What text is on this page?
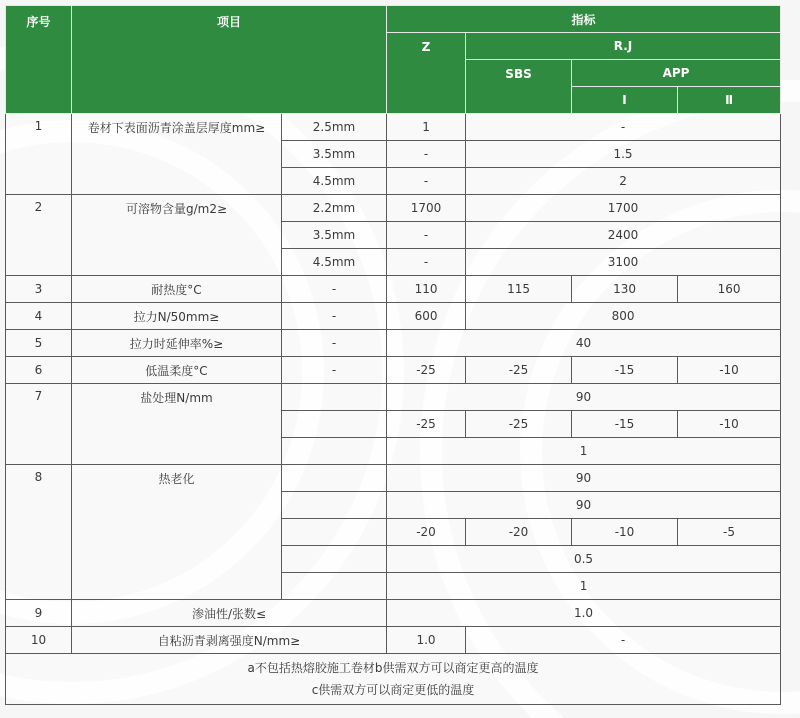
序号	项目		指标			
			Z	R.J		
				SBS	APP	
					Ⅰ	Ⅱ
1	卷材下表面沥青涂盖层厚度mm≥	2.5mm	1	-		
		3.5mm	-	1.5		
		4.5mm	-	2		
2	可溶物含量g/m2≥	2.2mm	1700	1700		
		3.5mm	-	2400		
		4.5mm	-	3100		
3	耐热度°C	-	110	115	130	160
4	拉力N/50mm≥	-	600	800		
5	拉力时延伸率%≥	-	40			
6	低温柔度°C	-	-25	-25	-15	-10
7	盐处理N/mm		90			
			-25	-25	-15	-10
			1			
8	热老化		90			
			90			
			-20	-20	-10	-5
			0.5			
			1			
9	渗油性/张数≤		1.0			
10	自粘沥青剥离强度N/mm≥		1.0	-		

a不包括热熔胶施工卷材b供需双方可以商定更高的温度
c供需双方可以商定更低的温度						
